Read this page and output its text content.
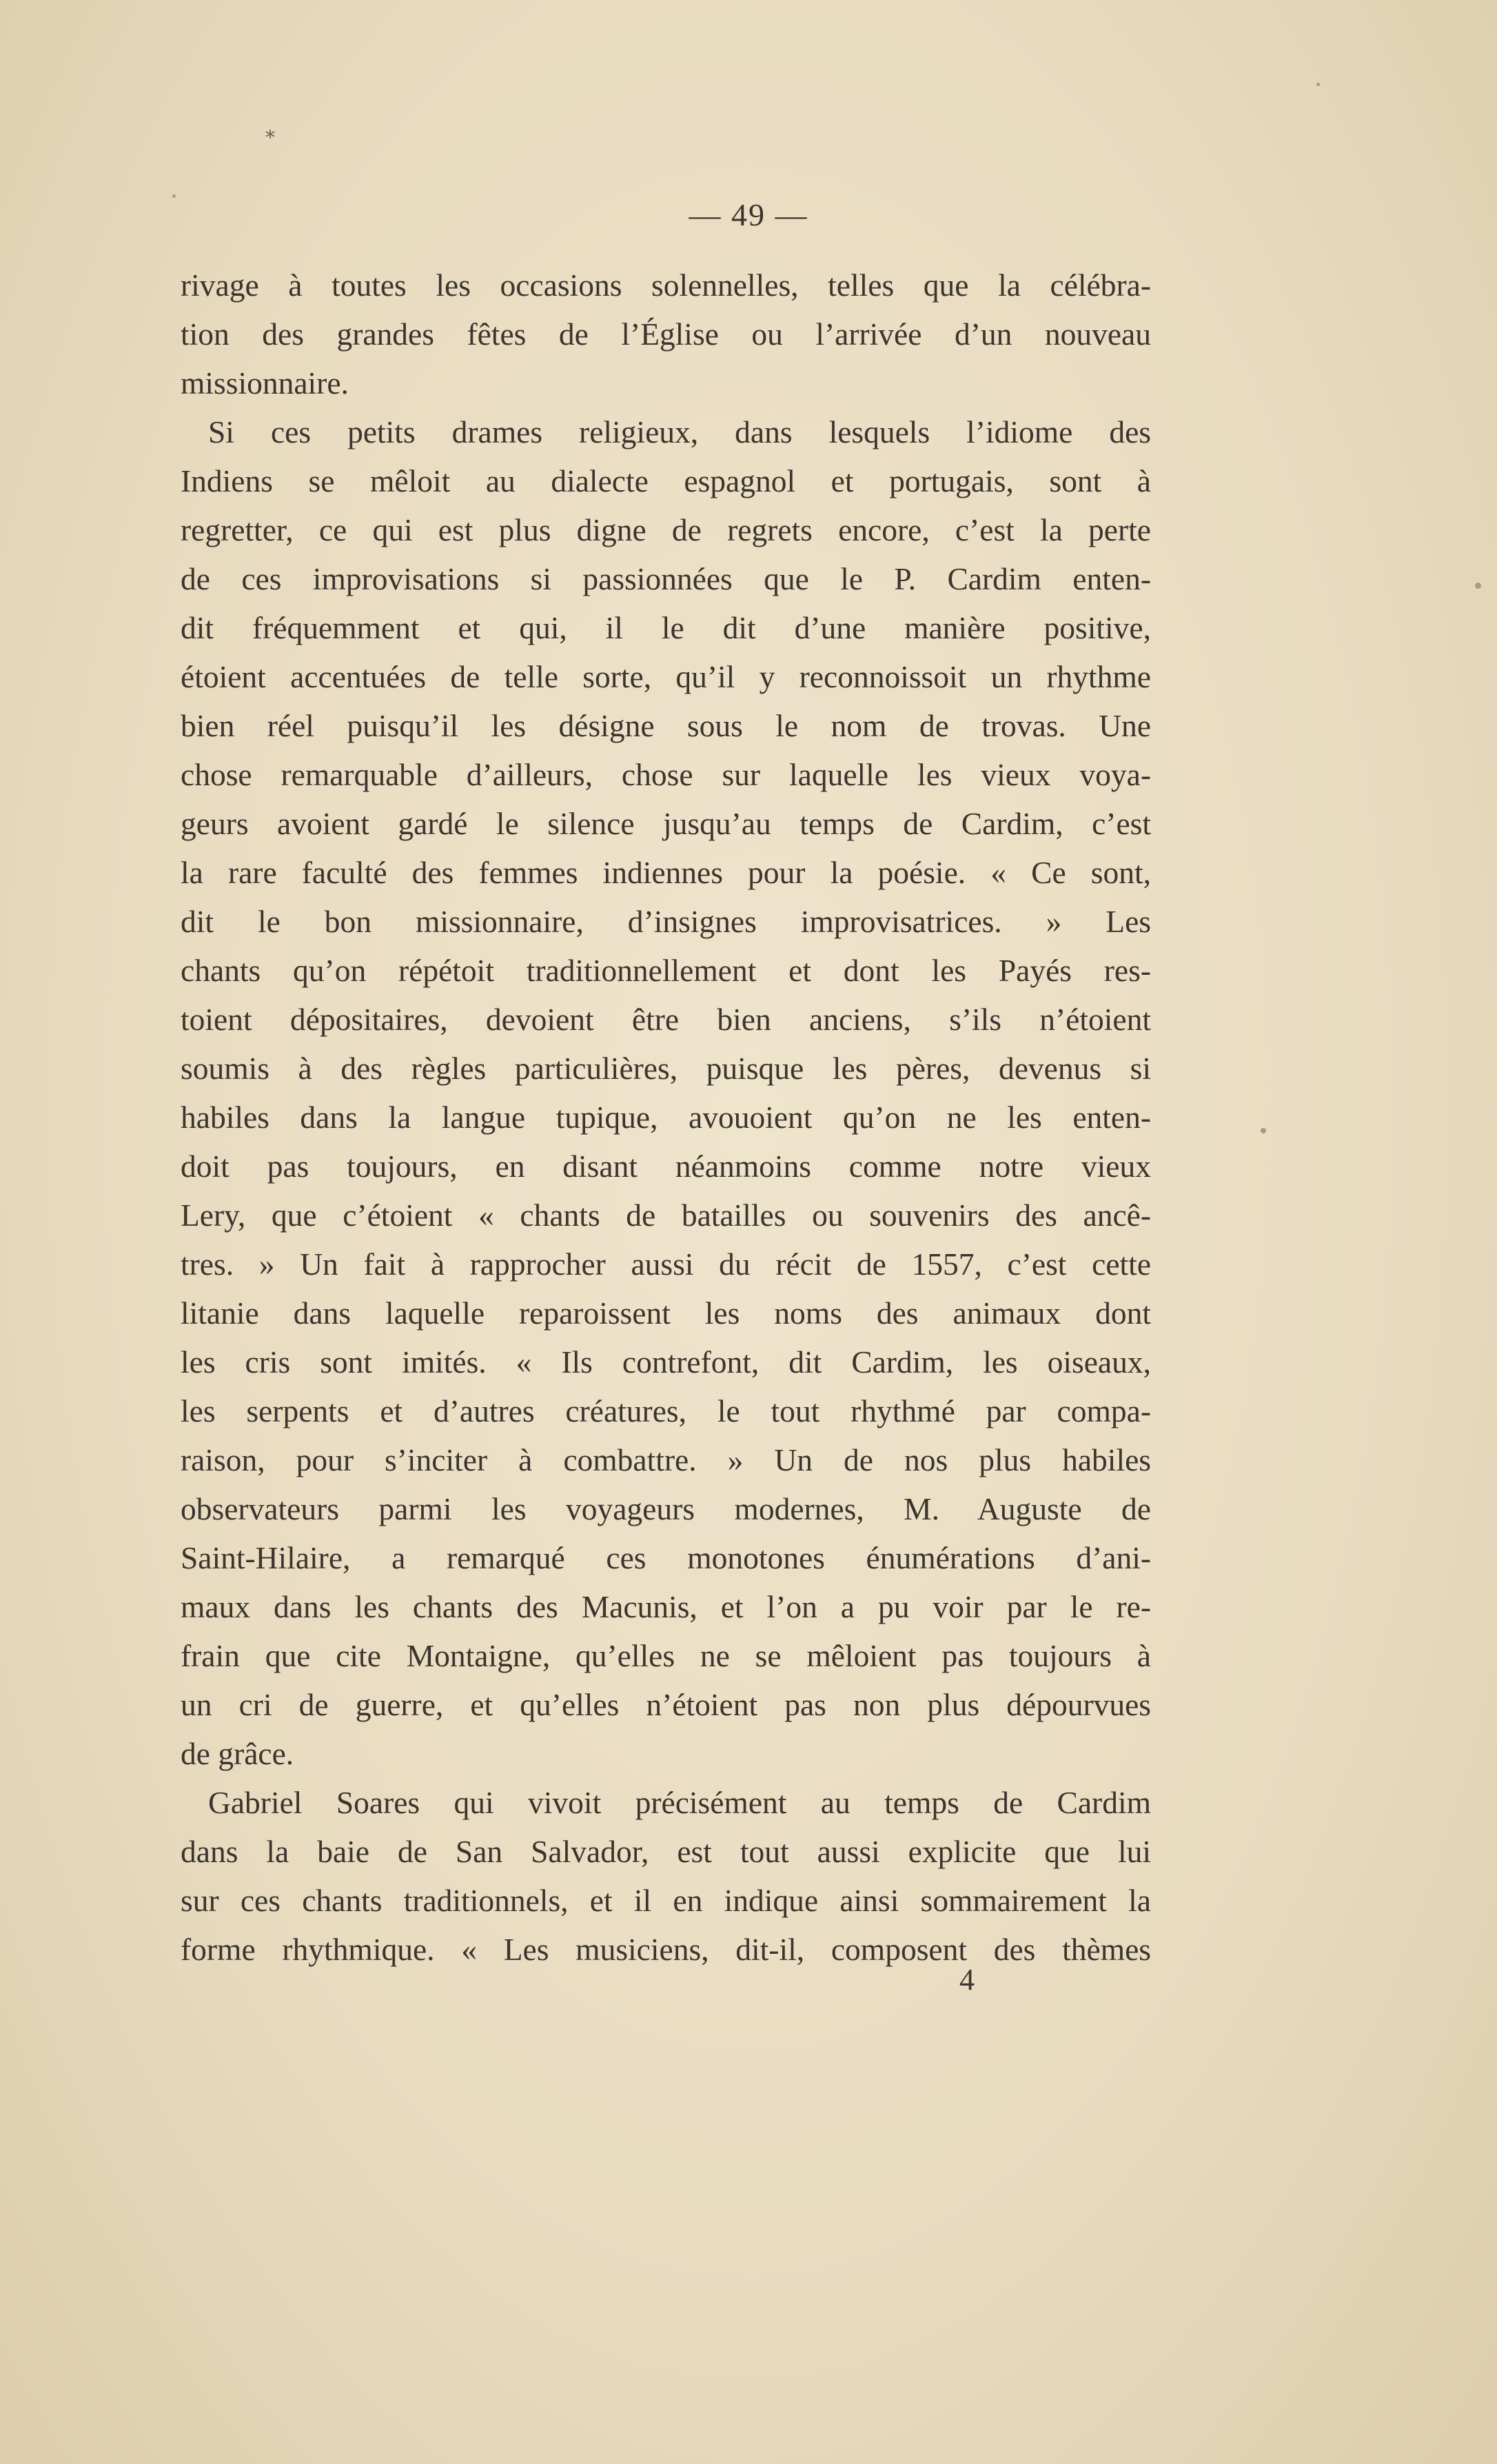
*
— 49 —
rivage à toutes les occasions solennelles, telles que la célébra-
tion des grandes fêtes de l’Église ou l’arrivée d’un nouveau
missionnaire.
Si ces petits drames religieux, dans lesquels l’idiome des
Indiens se mêloit au dialecte espagnol et portugais, sont à
regretter, ce qui est plus digne de regrets encore, c’est la perte
de ces improvisations si passionnées que le P. Cardim enten-
dit fréquemment et qui, il le dit d’une manière positive,
étoient accentuées de telle sorte, qu’il y reconnoissoit un rhythme
bien réel puisqu’il les désigne sous le nom de trovas. Une
chose remarquable d’ailleurs, chose sur laquelle les vieux voya-
geurs avoient gardé le silence jusqu’au temps de Cardim, c’est
la rare faculté des femmes indiennes pour la poésie. « Ce sont,
dit le bon missionnaire, d’insignes improvisatrices. » Les
chants qu’on répétoit traditionnellement et dont les Payés res-
toient dépositaires, devoient être bien anciens, s’ils n’étoient
soumis à des règles particulières, puisque les pères, devenus si
habiles dans la langue tupique, avouoient qu’on ne les enten-
doit pas toujours, en disant néanmoins comme notre vieux
Lery, que c’étoient « chants de batailles ou souvenirs des ancê-
tres. » Un fait à rapprocher aussi du récit de 1557, c’est cette
litanie dans laquelle reparoissent les noms des animaux dont
les cris sont imités. « Ils contrefont, dit Cardim, les oiseaux,
les serpents et d’autres créatures, le tout rhythmé par compa-
raison, pour s’inciter à combattre. » Un de nos plus habiles
observateurs parmi les voyageurs modernes, M. Auguste de
Saint-Hilaire, a remarqué ces monotones énumérations d’ani-
maux dans les chants des Macunis, et l’on a pu voir par le re-
frain que cite Montaigne, qu’elles ne se mêloient pas toujours à
un cri de guerre, et qu’elles n’étoient pas non plus dépourvues
de grâce.
Gabriel Soares qui vivoit précisément au temps de Cardim
dans la baie de San Salvador, est tout aussi explicite que lui
sur ces chants traditionnels, et il en indique ainsi sommairement la
forme rhythmique. « Les musiciens, dit-il, composent des thèmes
4
